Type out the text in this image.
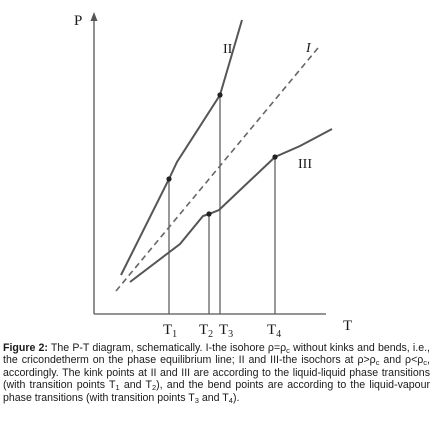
P
T
I
II
III
$T_1$ $T_2$ $T_3$ $T_4$
Figure 2: The P-T diagram, schematically. I-the isohore $\rho=\rho_c$ without kinks and bends, i.e., the cricondetherm on the phase equilibrium line; II and III-the isochors at $\rho>\rho_c$ and $\rho<\rho_c$, accordingly. The kink points at II and III are according to the liquid-liquid phase transitions (with transition points $T_1$ and $T_2$), and the bend points are according to the liquid-vapour phase transitions (with transition points $T_3$ and $T_4$).
